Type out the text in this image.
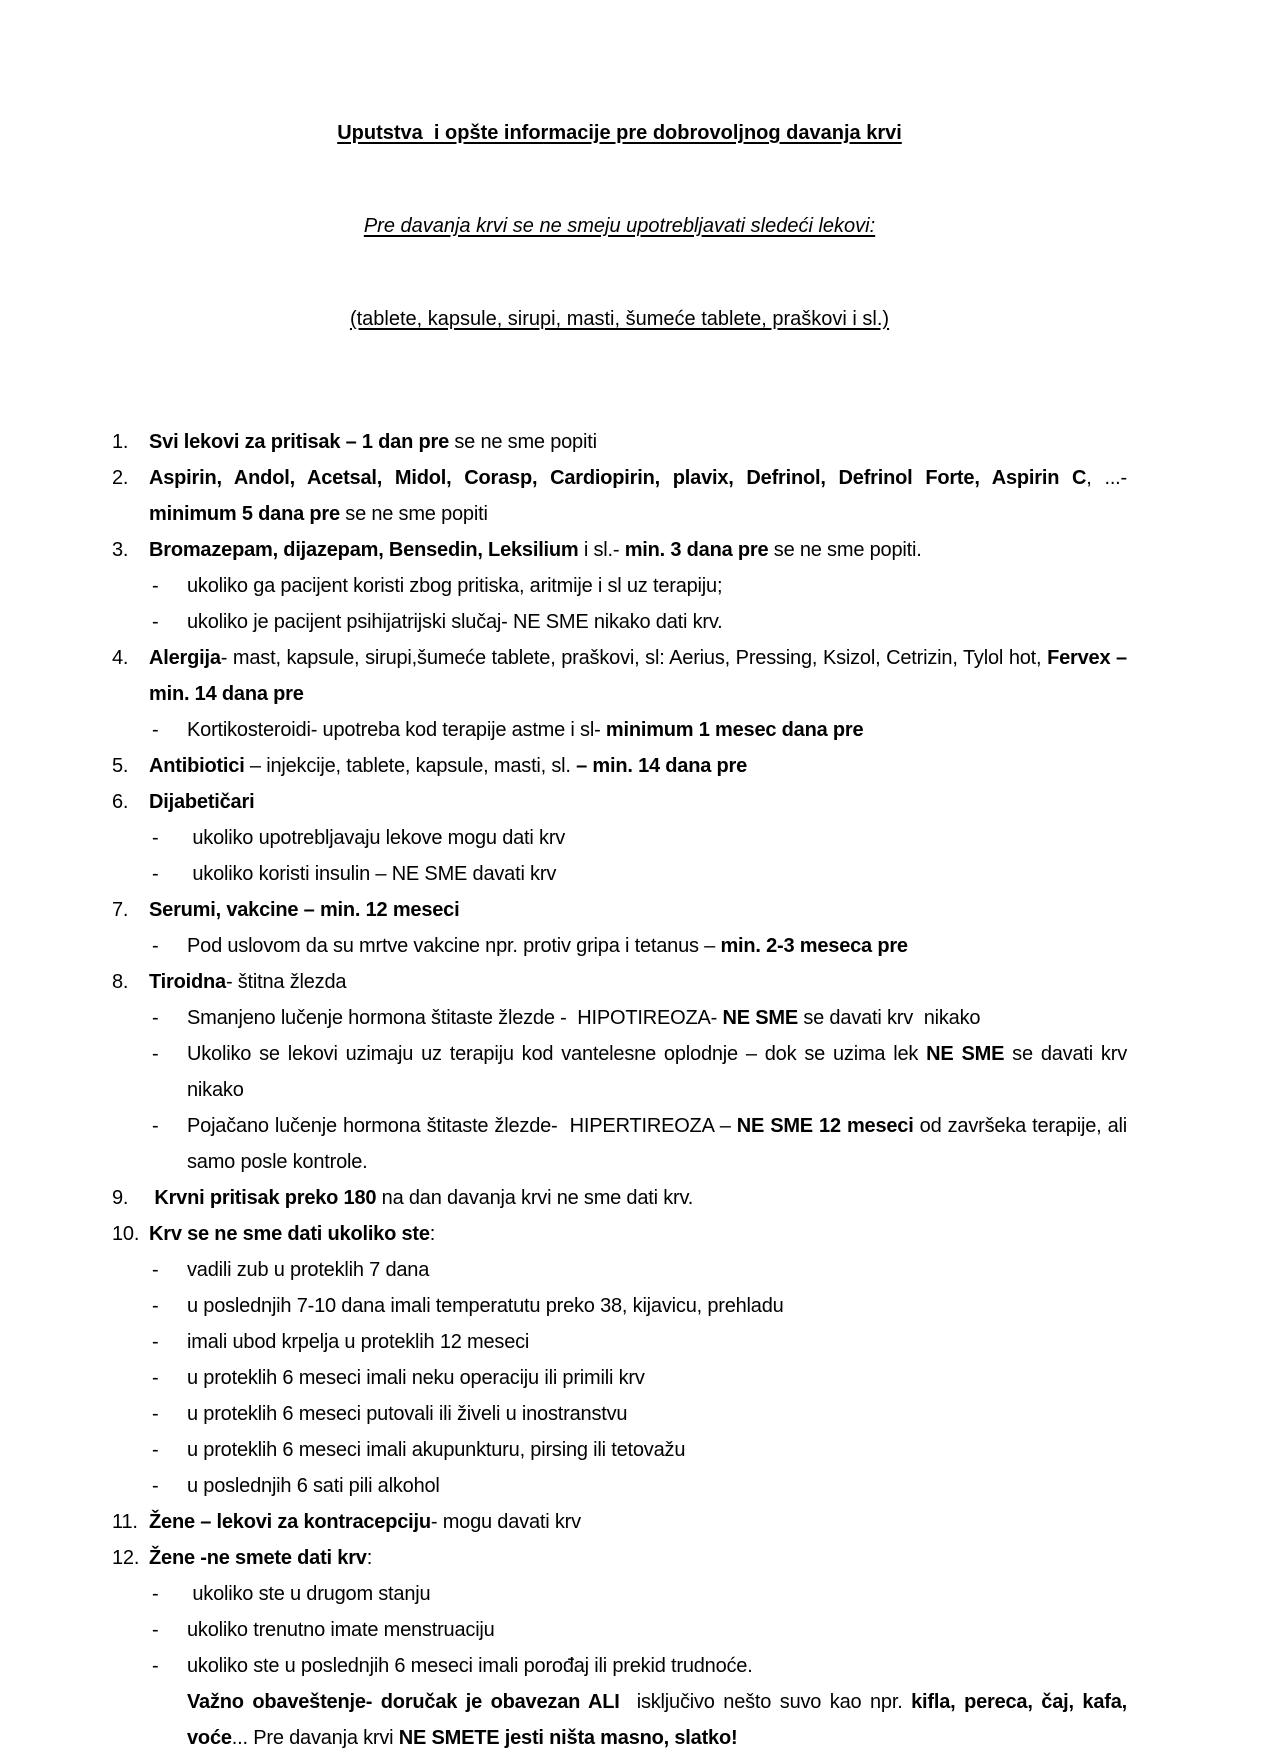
Uputstva  i opšte informacije pre dobrovoljnog davanja krvi

Pre davanja krvi se ne smeju upotrebljavati sledeći lekovi:

(tablete, kapsule, sirupi, masti, šumeće tablete, praškovi i sl.)

1.	Svi lekovi za pritisak – 1 dan pre se ne sme popiti

2.	Aspirin, Andol, Acetsal, Midol, Corasp, Cardiopirin, plavix, Defrinol, Defrinol Forte, Aspirin C, ...- minimum 5 dana pre se ne sme popiti

3.	Bromazepam, dijazepam, Bensedin, Leksilium i sl.- min. 3 dana pre se ne sme popiti.

-	ukoliko ga pacijent koristi zbog pritiska, aritmije i sl uz terapiju;

-	ukoliko je pacijent psihijatrijski slučaj- NE SME nikako dati krv.

4.	Alergija- mast, kapsule, sirupi,šumeće tablete, praškovi, sl: Aerius, Pressing, Ksizol, Cetrizin, Tylol hot, Fervex – min. 14 dana pre

-	Kortikosteroidi- upotreba kod terapije astme i sl- minimum 1 mesec dana pre

5.	Antibiotici – injekcije, tablete, kapsule, masti, sl. – min. 14 dana pre

6.	Dijabetičari

-	ukoliko upotrebljavaju lekove mogu dati krv

-	ukoliko koristi insulin – NE SME davati krv

7.	Serumi, vakcine – min. 12 meseci

-	Pod uslovom da su mrtve vakcine npr. protiv gripa i tetanus – min. 2-3 meseca pre

8.	Tiroidna- štitna žlezda

-	Smanjeno lučenje hormona štitaste žlezde -  HIPOTIREOZA- NE SME se davati krv  nikako

-	Ukoliko se lekovi uzimaju uz terapiju kod vantelesne oplodnje – dok se uzima lek NE SME se davati krv  nikako

-	Pojačano lučenje hormona štitaste žlezde-  HIPERTIREOZA – NE SME 12 meseci od završeka terapije, ali samo posle kontrole.

9.	Krvni pritisak preko 180 na dan davanja krvi ne sme dati krv.

10. Krv se ne sme dati ukoliko ste:

-	vadili zub u proteklih 7 dana

-	u poslednjih 7-10 dana imali temperatutu preko 38, kijavicu, prehladu

-	imali ubod krpelja u proteklih 12 meseci

-	u proteklih 6 meseci imali neku operaciju ili primili krv

-	u proteklih 6 meseci putovali ili živeli u inostranstvu

-	u proteklih 6 meseci imali akupunkturu, pirsing ili tetovažu

-	u poslednjih 6 sati pili alkohol

11. Žene – lekovi za kontracepciju- mogu davati krv

12. Žene -ne smete dati krv:

-	ukoliko ste u drugom stanju

-	ukoliko trenutno imate menstruaciju

-	ukoliko ste u poslednjih 6 meseci imali porođaj ili prekid trudnoće.

Važno obaveštenje- doručak je obavezan ALI  isključivo nešto suvo kao npr. kifla, pereca, čaj, kafa, voće... Pre davanja krvi NE SMETE jesti ništa masno, slatko!
